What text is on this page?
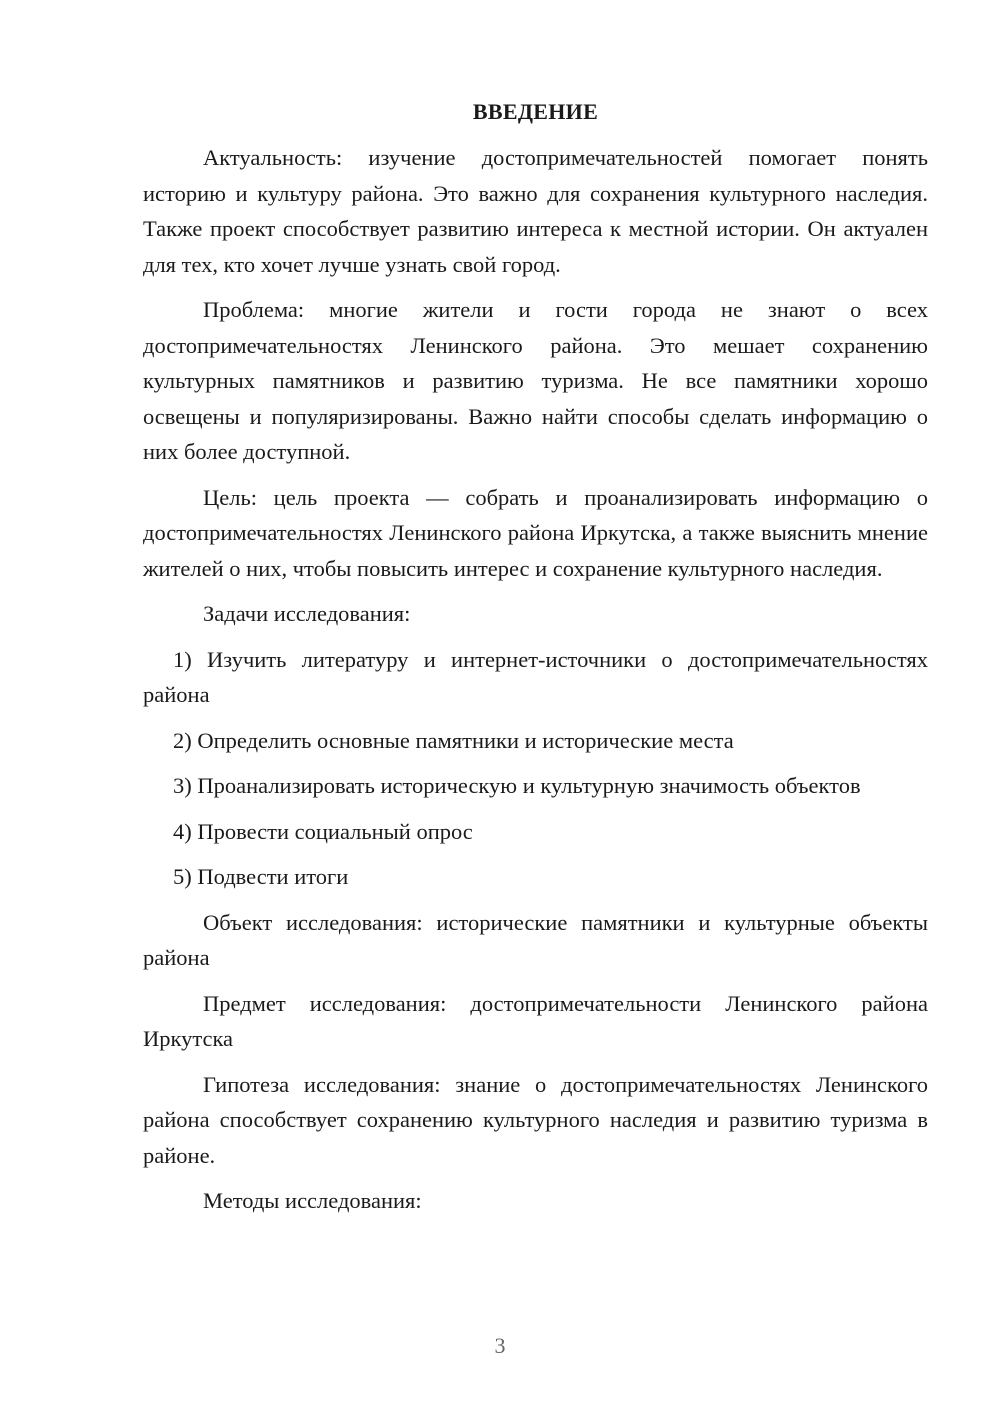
ВВЕДЕНИЕ

Актуальность: изучение достопримечательностей помогает понять историю и культуру района. Это важно для сохранения культурного наследия. Также проект способствует развитию интереса к местной истории. Он актуален для тех, кто хочет лучше узнать свой город.

Проблема: многие жители и гости города не знают о всех достопримечательностях Ленинского района. Это мешает сохранению культурных памятников и развитию туризма. Не все памятники хорошо освещены и популяризированы. Важно найти способы сделать информацию о них более доступной.

Цель: цель проекта — собрать и проанализировать информацию о достопримечательностях Ленинского района Иркутска, а также выяснить мнение жителей о них, чтобы повысить интерес и сохранение культурного наследия.

Задачи исследования:

1) Изучить литературу и интернет-источники о достопримечательностях района

2) Определить основные памятники и исторические места

3) Проанализировать историческую и культурную значимость объектов

4) Провести социальный опрос

5) Подвести итоги

Объект исследования: исторические памятники и культурные объекты района

Предмет исследования: достопримечательности Ленинского района Иркутска

Гипотеза исследования: знание о достопримечательностях Ленинского района способствует сохранению культурного наследия и развитию туризма в районе.

Методы исследования:

3
